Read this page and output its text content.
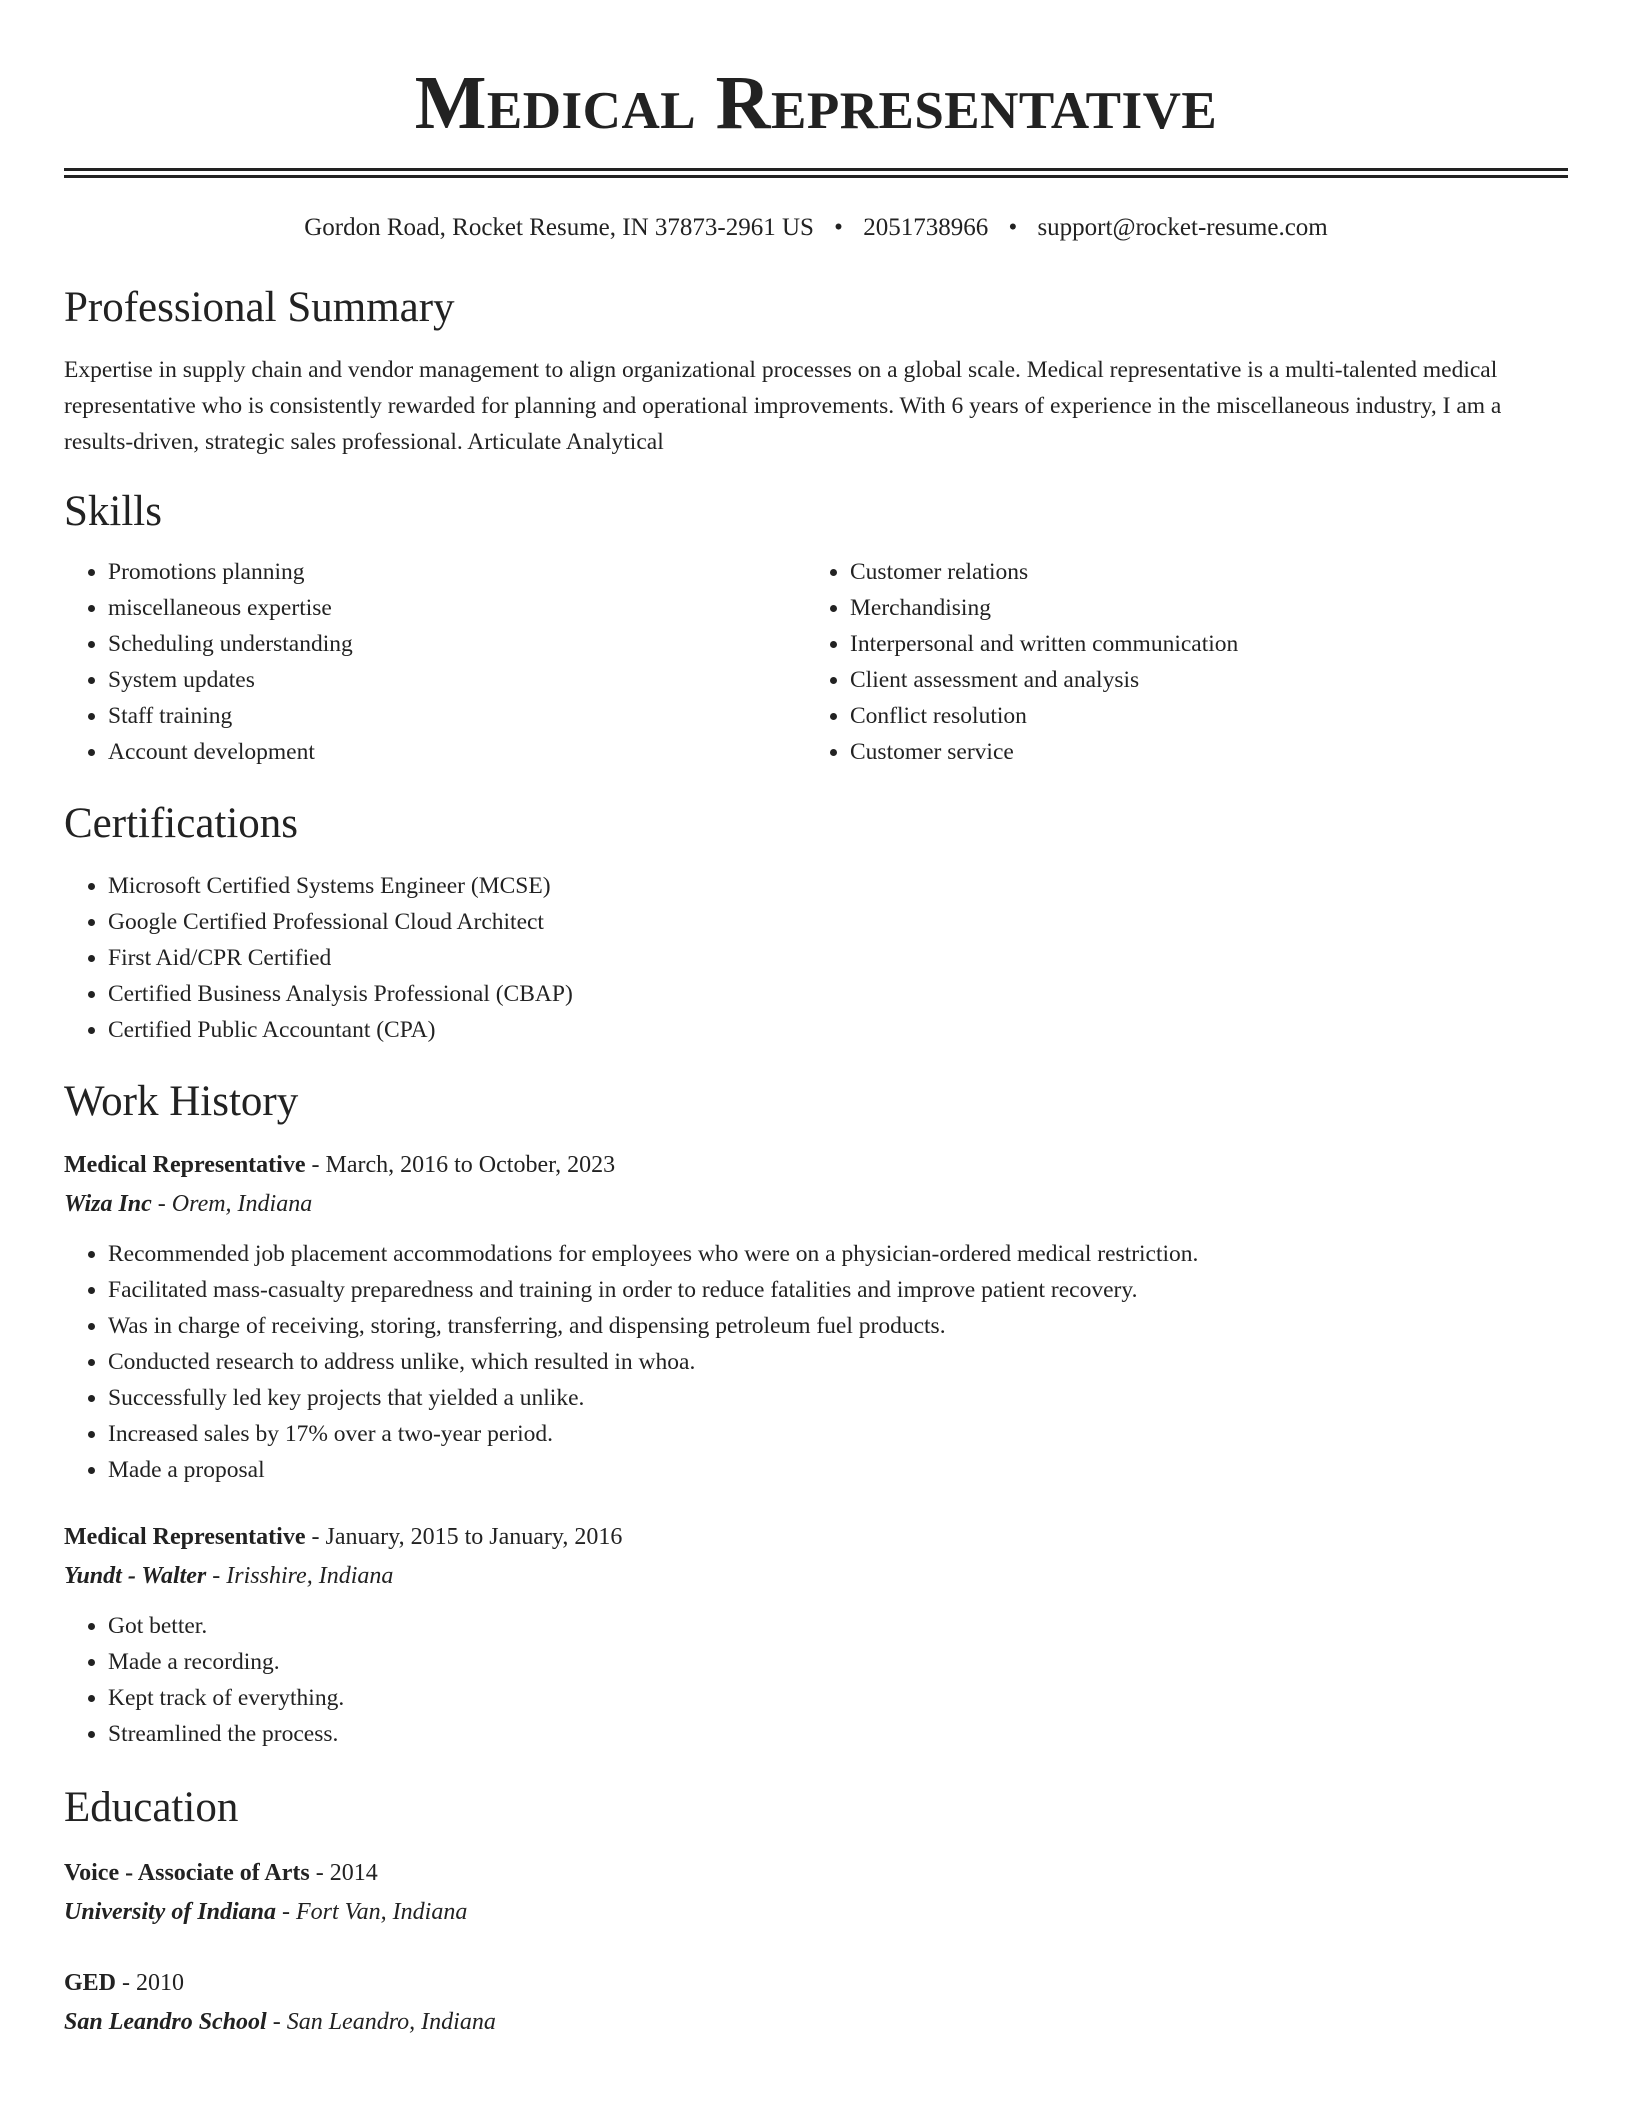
Medical Representative
Gordon Road, Rocket Resume, IN 37873-2961 US • 2051738966 • support@rocket-resume.com
Professional Summary

Expertise in supply chain and vendor management to align organizational processes on a global scale. Medical representative is a multi-talented medical representative who is consistently rewarded for planning and operational improvements. With 6 years of experience in the miscellaneous industry, I am a results-driven, strategic sales professional. Articulate Analytical

Skills
• Promotions planning
• miscellaneous expertise
• Scheduling understanding
• System updates
• Staff training
• Account development
• Customer relations
• Merchandising
• Interpersonal and written communication
• Client assessment and analysis
• Conflict resolution
• Customer service
Certifications
• Microsoft Certified Systems Engineer (MCSE)
• Google Certified Professional Cloud Architect
• First Aid/CPR Certified
• Certified Business Analysis Professional (CBAP)
• Certified Public Accountant (CPA)
Work History
Medical Representative - March, 2016 to October, 2023
Wiza Inc - Orem, Indiana
• Recommended job placement accommodations for employees who were on a physician-ordered medical restriction.
• Facilitated mass-casualty preparedness and training in order to reduce fatalities and improve patient recovery.
• Was in charge of receiving, storing, transferring, and dispensing petroleum fuel products.
• Conducted research to address unlike, which resulted in whoa.
• Successfully led key projects that yielded a unlike.
• Increased sales by 17% over a two-year period.
• Made a proposal
Medical Representative - January, 2015 to January, 2016
Yundt - Walter - Irisshire, Indiana
• Got better.
• Made a recording.
• Kept track of everything.
• Streamlined the process.
Education
Voice - Associate of Arts - 2014
University of Indiana - Fort Van, Indiana
GED - 2010
San Leandro School - San Leandro, Indiana
